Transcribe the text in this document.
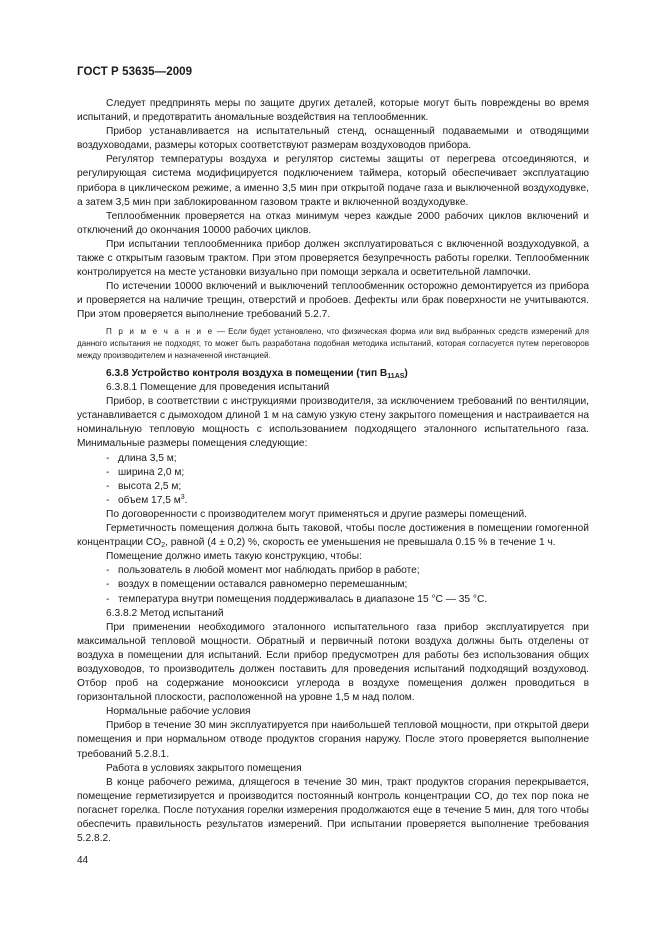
ГОСТ Р 53635—2009

Следует предпринять меры по защите других деталей, которые могут быть повреждены во время испытаний, и предотвратить аномальные воздействия на теплообменник.

Прибор устанавливается на испытательный стенд, оснащенный подаваемыми и отводящими воздуховодами, размеры которых соответствуют размерам воздуховодов прибора.

Регулятор температуры воздуха и регулятор системы защиты от перегрева отсоединяются, и регулирующая система модифицируется подключением таймера, который обеспечивает эксплуатацию прибора в циклическом режиме, а именно 3,5 мин при открытой подаче газа и выключенной воздуходувке, а затем 3,5 мин при заблокированном газовом тракте и включенной воздуходувке.

Теплообменник проверяется на отказ минимум через каждые 2000 рабочих циклов включений и отключений до окончания 10000 рабочих циклов.

При испытании теплообменника прибор должен эксплуатироваться с включенной воздуходувкой, а также с открытым газовым трактом. При этом проверяется безупречность работы горелки. Теплообменник контролируется на месте установки визуально при помощи зеркала и осветительной лампочки.

По истечении 10000 включений и выключений теплообменник осторожно демонтируется из прибора и проверяется на наличие трещин, отверстий и пробоев. Дефекты или брак поверхности не учитываются. При этом проверяется выполнение требований 5.2.7.

П р и м е ч а н и е — Если будет установлено, что физическая форма или вид выбранных средств измерений для данного испытания не подходят, то может быть разработана подобная методика испытаний, которая согласуется путем переговоров между производителем и назначенной инстанцией.

6.3.8 Устройство контроля воздуха в помещении (тип $B_{11AS}$)

6.3.8.1 Помещение для проведения испытаний

Прибор, в соответствии с инструкциями производителя, за исключением требований по вентиляции, устанавливается с дымоходом длиной 1 м на самую узкую стену закрытого помещения и настраивается на номинальную тепловую мощность с использованием подходящего эталонного испытательного газа. Минимальные размеры помещения следующие:

- длина 3,5 м;

- ширина 2,0 м;

- высота 2,5 м;

- объем 17,5 $м^3$.

По договоренности с производителем могут применяться и другие размеры помещений.

Герметичность помещения должна быть таковой, чтобы после достижения в помещении гомогенной концентрации $CO_2$, равной (4 ± 0,2) %, скорость ее уменьшения не превышала 0.15 % в течение 1 ч.

Помещение должно иметь такую конструкцию, чтобы:

- пользователь в любой момент мог наблюдать прибор в работе;

- воздух в помещении оставался равномерно перемешанным;

- температура внутри помещения поддерживалась в диапазоне 15 °C — 35 °C.

6.3.8.2 Метод испытаний

При применении необходимого эталонного испытательного газа прибор эксплуатируется при максимальной тепловой мощности. Обратный и первичный потоки воздуха должны быть отделены от воздуха в помещении для испытаний. Если прибор предусмотрен для работы без использования общих воздуховодов, то производитель должен поставить для проведения испытаний подходящий воздуховод. Отбор проб на содержание монооксиси углерода в воздухе помещения должен проводиться в горизонтальной плоскости, расположенной на уровне 1,5 м над полом.

Нормальные рабочие условия

Прибор в течение 30 мин эксплуатируется при наибольшей тепловой мощности, при открытой двери помещения и при нормальном отводе продуктов сгорания наружу. После этого проверяется выполнение требований 5.2.8.1.

Работа в условиях закрытого помещения

В конце рабочего режима, длящегося в течение 30 мин, тракт продуктов сгорания перекрывается, помещение герметизируется и производится постоянный контроль концентрации CO, до тех пор пока не погаснет горелка. После потухания горелки измерения продолжаются еще в течение 5 мин, для того чтобы обеспечить правильность результатов измерений. При испытании проверяется выполнение требования 5.2.8.2.

44
